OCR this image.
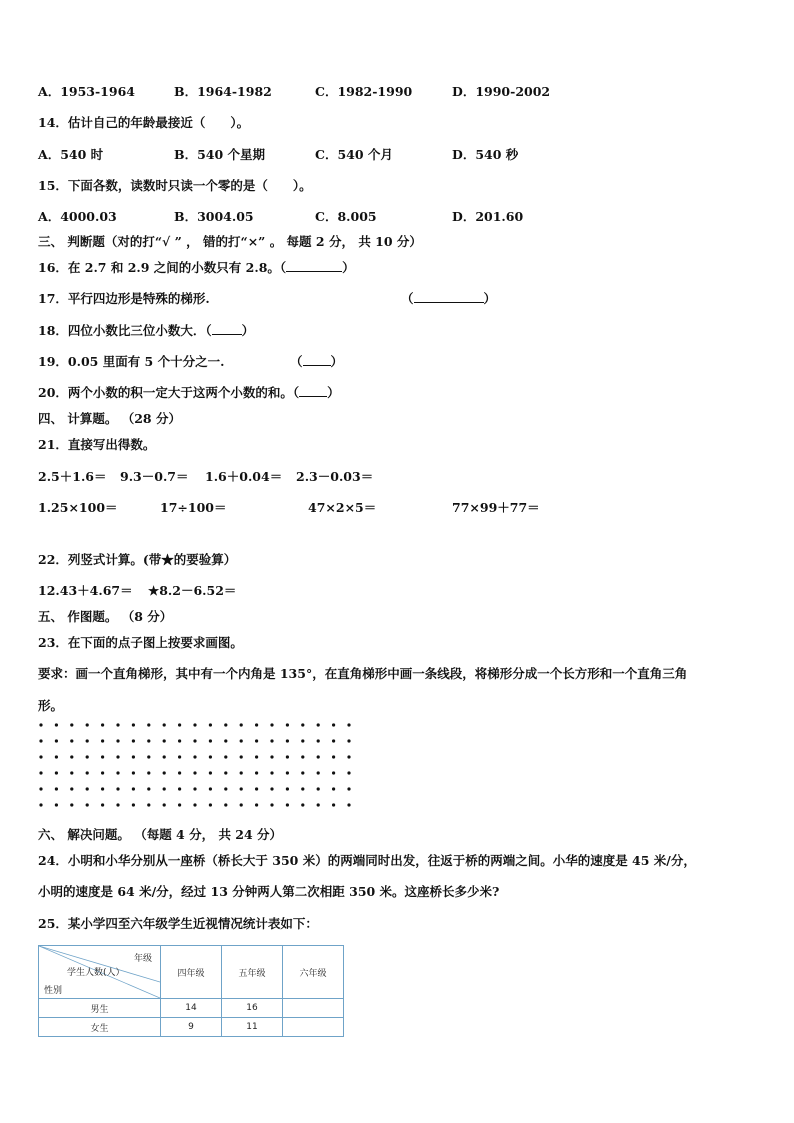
A．1953-1964	B．1964-1982	C．1982-1990	D．1990-2002
14．估计自己的年龄最接近（　　）。
A．540 时	B．540 个星期	C．540 个月	D．540 秒
15．下面各数，读数时只读一个零的是（　　）。
A．4000.03	B．3004.05	C．8.005	D．201.60
三、 判断题（对的打“√ ” ， 错的打“×” 。 每题 2 分， 共 10 分）
16．在 2.7 和 2.9 之间的小数只有 2.8。（	）
17．平行四边形是特殊的梯形.	（	）
18．四位小数比三位小数大．（ ）
19．0.05 里面有 5 个十分之一.	（ ）
20．两个小数的积一定大于这两个小数的和。（ ）
四、 计算题。 （28 分）
21．直接写出得数。
2.5＋1.6＝ 9.3－0.7＝ 1.6＋0.04＝ 2.3－0.03＝
1.25×100＝	17÷100＝	47×2×5＝	77×99＋77＝
22．列竖式计算。(带★的要验算）
12.43＋4.67＝ ★8.2－6.52＝
五、 作图题。 （8 分）
23．在下面的点子图上按要求画图。
要求：画一个直角梯形，其中有一个内角是 135°，在直角梯形中画一条线段，将梯形分成一个长方形和一个直角三角
形。
六、 解决问题。 （每题 4 分， 共 24 分）
24．小明和小华分别从一座桥（桥长大于 350 米）的两端同时出发，往返于桥的两端之间。小华的速度是 45 米/分，
小明的速度是 64 米/分，经过 13 分钟两人第二次相距 350 米。这座桥长多少米?
25．某小学四至六年级学生近视情况统计表如下：
年级
学生人数(人）
性别	四年级	五年级	六年级
男生	14	16	
女生	9	11	
